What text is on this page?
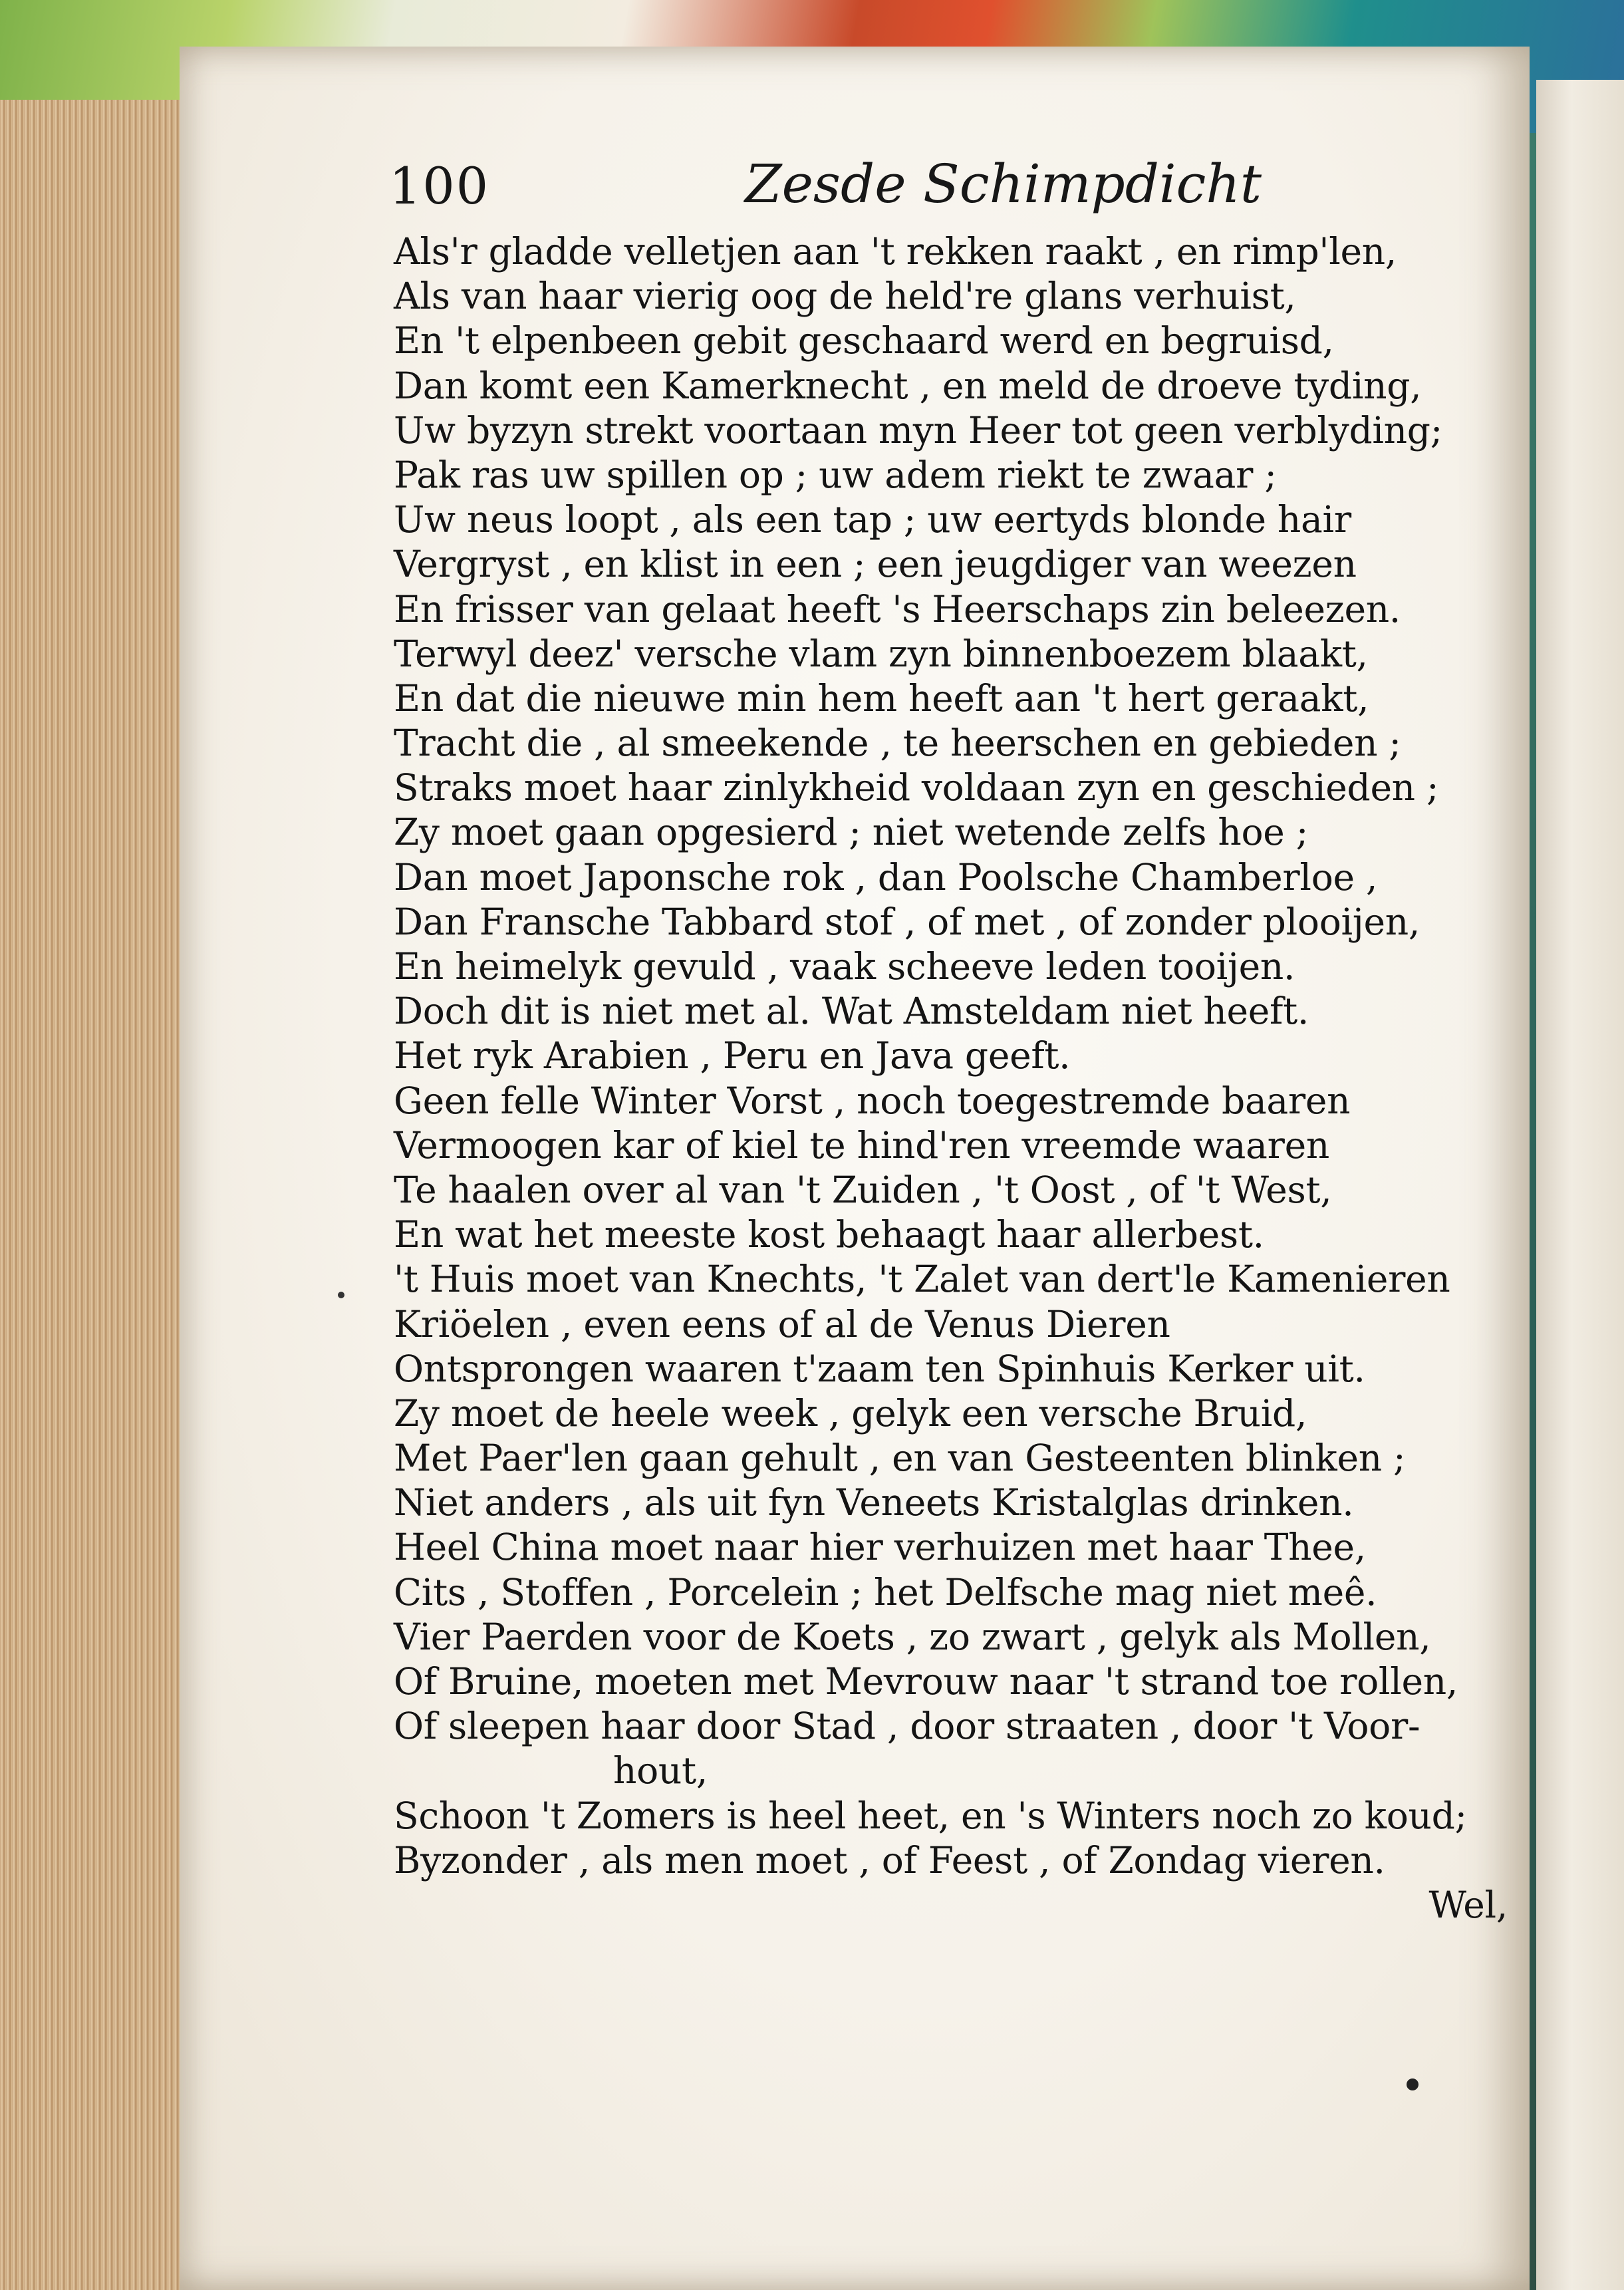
100	Zesde Schimpdicht
Als'r gladde velletjen aan 't rekken raakt , en rimp'len,
Als van haar vierig oog de held're glans verhuist,
En 't elpenbeen gebit geschaard werd en begruisd,
Dan komt een Kamerknecht , en meld de droeve tyding,
Uw byzyn strekt voortaan myn Heer tot geen verblyding;
Pak ras uw spillen op ; uw adem riekt te zwaar ;
Uw neus loopt , als een tap ; uw eertyds blonde hair
Vergryst , en klist in een ; een jeugdiger van weezen
En frisser van gelaat heeft 's Heerschaps zin beleezen.
Terwyl deez' versche vlam zyn binnenboezem blaakt,
En dat die nieuwe min hem heeft aan 't hert geraakt,
Tracht die , al smeekende , te heerschen en gebieden ;
Straks moet haar zinlykheid voldaan zyn en geschieden ;
Zy moet gaan opgesierd ; niet wetende zelfs hoe ;
Dan moet Japonsche rok , dan Poolsche Chamberloe ,
Dan Fransche Tabbard stof , of met , of zonder plooijen,
En heimelyk gevuld , vaak scheeve leden tooijen.
Doch dit is niet met al. Wat Amsteldam niet heeft.
Het ryk Arabien , Peru en Java geeft.
Geen felle Winter Vorst , noch toegestremde baaren
Vermoogen kar of kiel te hind'ren vreemde waaren
Te haalen over al van 't Zuiden , 't Oost , of 't West,
En wat het meeste kost behaagt haar allerbest.
't Huis moet van Knechts, 't Zalet van dert'le Kamenieren
Kriöelen , even eens of al de Venus Dieren
Ontsprongen waaren t'zaam ten Spinhuis Kerker uit.
Zy moet de heele week , gelyk een versche Bruid,
Met Paer'len gaan gehult , en van Gesteenten blinken ;
Niet anders , als uit fyn Veneets Kristalglas drinken.
Heel China moet naar hier verhuizen met haar Thee,
Cits , Stoffen , Porcelein ; het Delfsche mag niet meê.
Vier Paerden voor de Koets , zo zwart , gelyk als Mollen,
Of Bruine, moeten met Mevrouw naar 't strand toe rollen,
Of sleepen haar door Stad , door straaten , door 't Voor-
hout,
Schoon 't Zomers is heel heet, en 's Winters noch zo koud;
Byzonder , als men moet , of Feest , of Zondag vieren.
Wel,
